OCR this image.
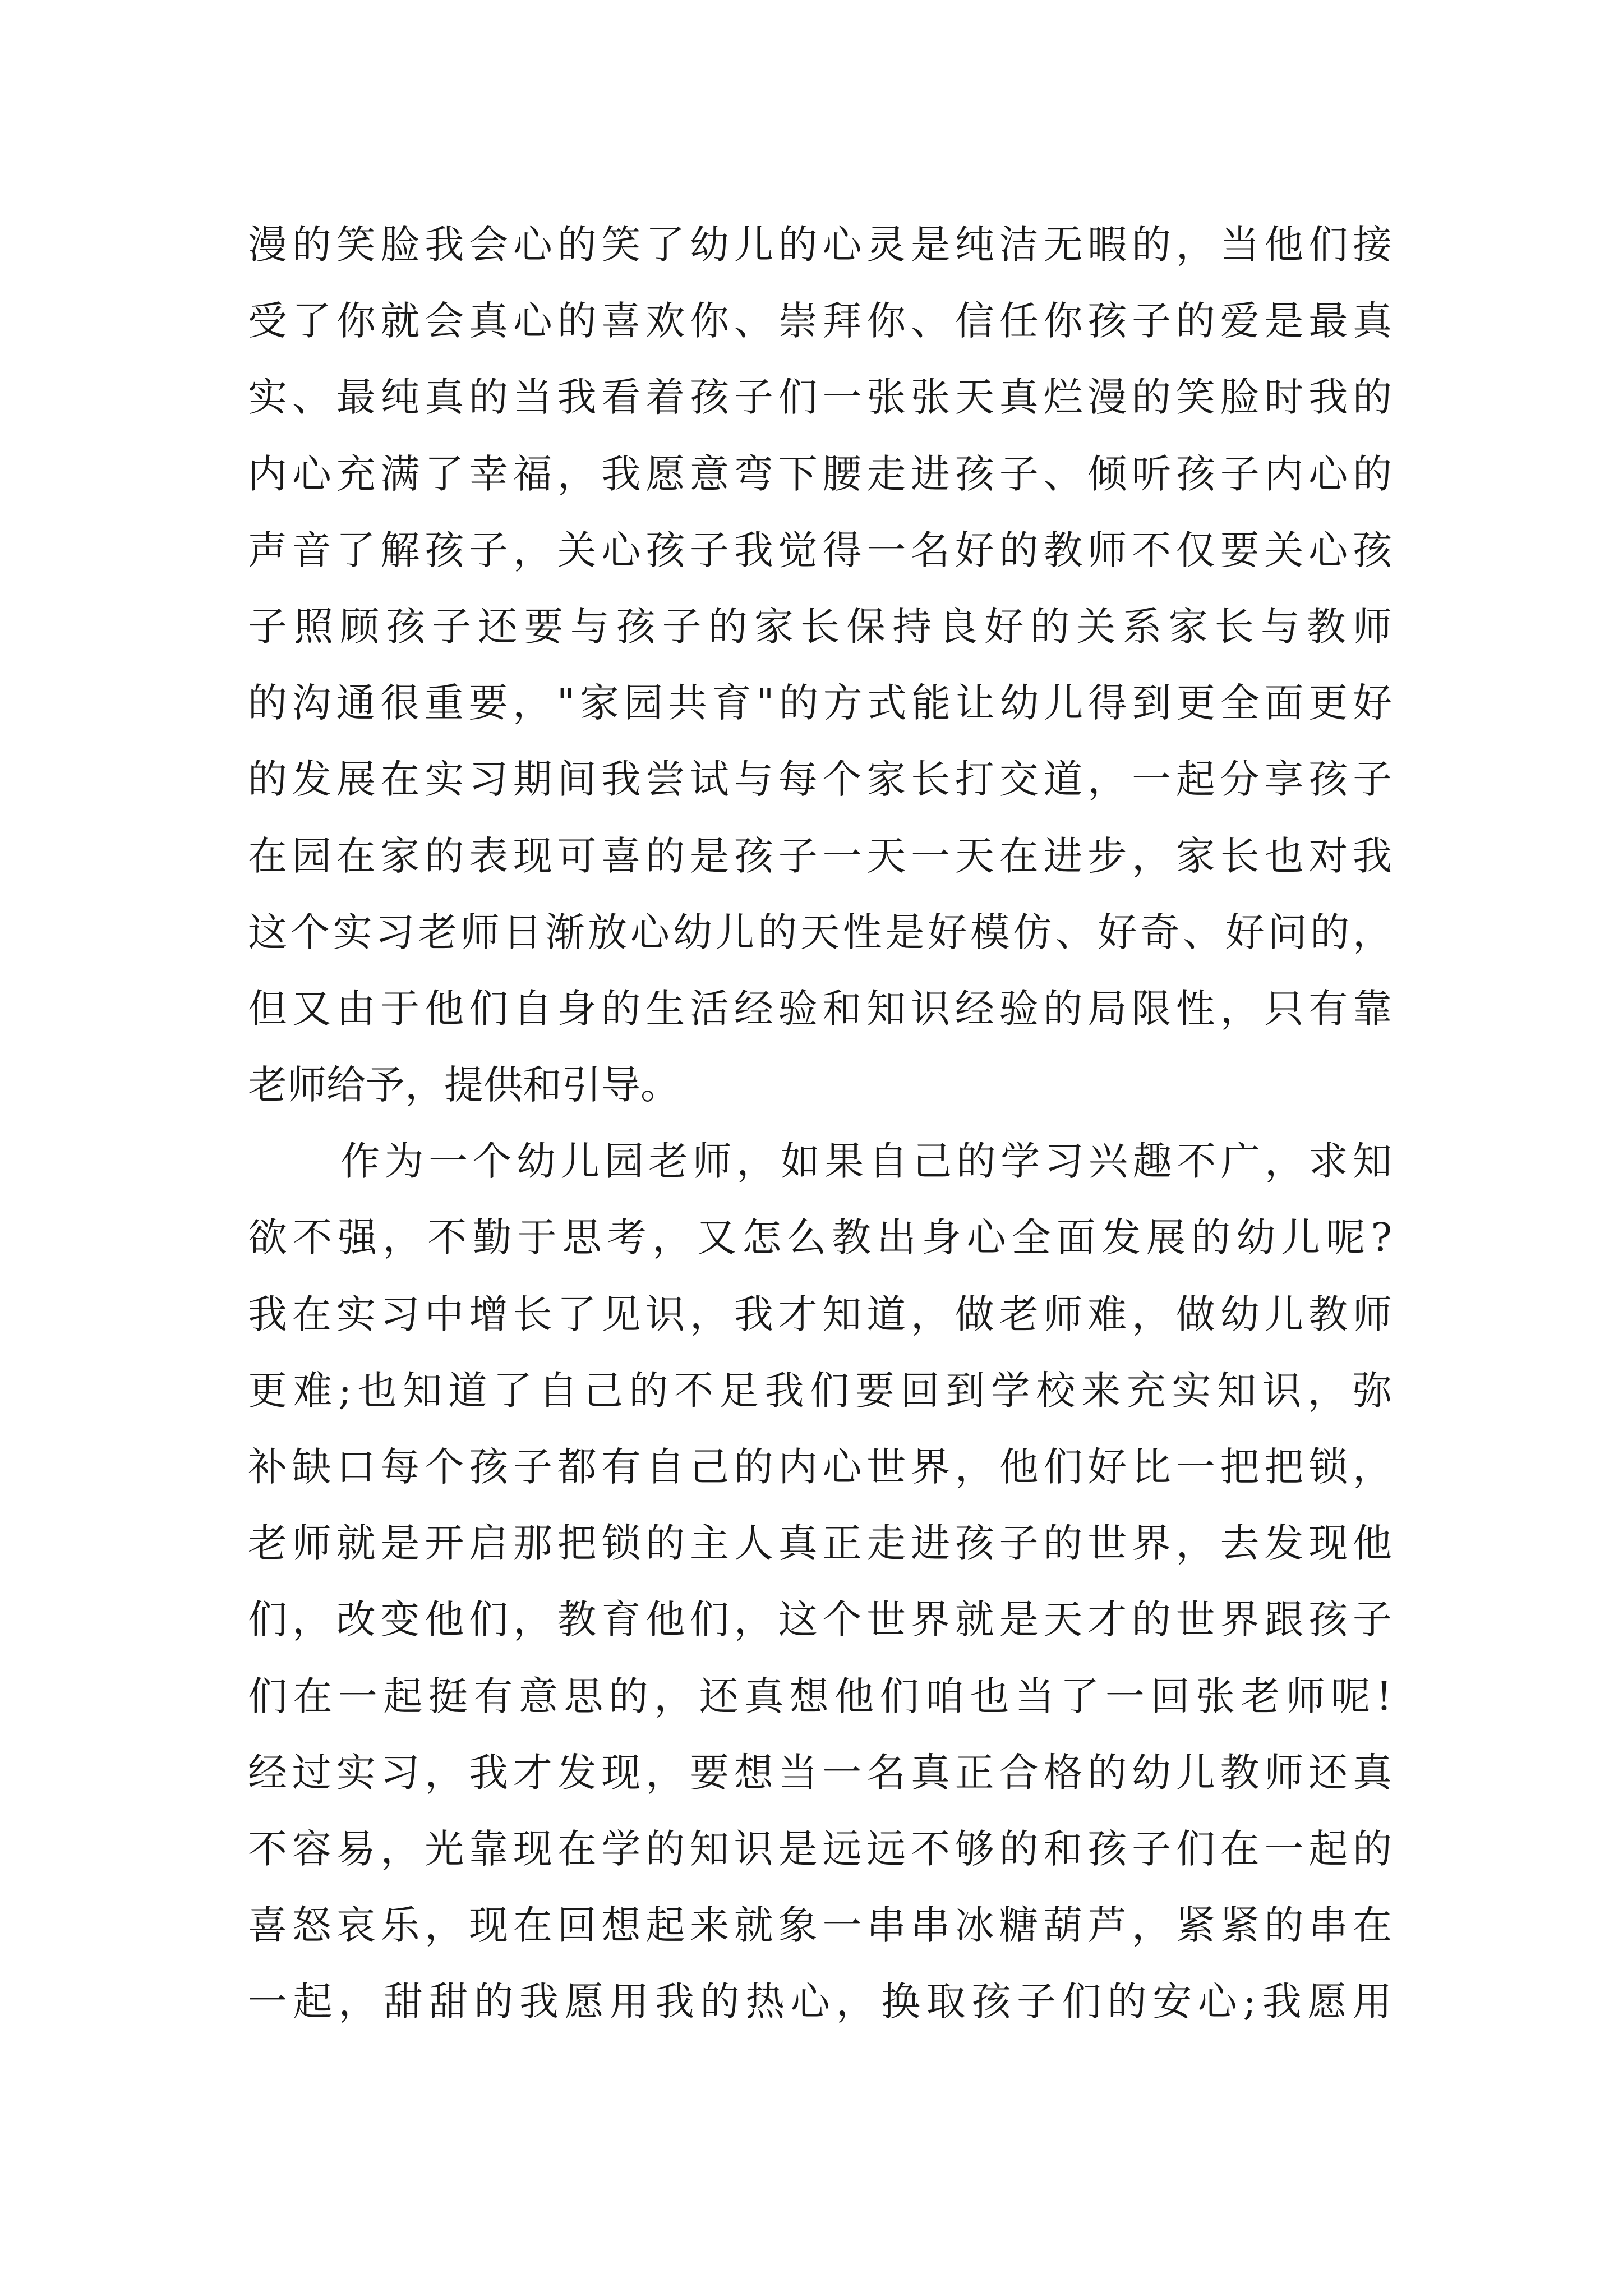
漫的笑脸我会心的笑了幼儿的心灵是纯洁无暇的，当他们接
受了你就会真心的喜欢你、崇拜你、信任你孩子的爱是最真
实、最纯真的当我看着孩子们一张张天真烂漫的笑脸时我的
内心充满了幸福，我愿意弯下腰走进孩子、倾听孩子内心的
声音了解孩子，关心孩子我觉得一名好的教师不仅要关心孩
子照顾孩子还要与孩子的家长保持良好的关系家长与教师
的沟通很重要，"家园共育"的方式能让幼儿得到更全面更好
的发展在实习期间我尝试与每个家长打交道，一起分享孩子
在园在家的表现可喜的是孩子一天一天在进步，家长也对我
这个实习老师日渐放心幼儿的天性是好模仿、好奇、好问的，
但又由于他们自身的生活经验和知识经验的局限性，只有靠
老师给予，提供和引导。
作为一个幼儿园老师，如果自己的学习兴趣不广，求知
欲不强，不勤于思考，又怎么教出身心全面发展的幼儿呢?
我在实习中增长了见识，我才知道，做老师难，做幼儿教师
更难;也知道了自己的不足我们要回到学校来充实知识，弥
补缺口每个孩子都有自己的内心世界，他们好比一把把锁，
老师就是开启那把锁的主人真正走进孩子的世界，去发现他
们，改变他们，教育他们，这个世界就是天才的世界跟孩子
们在一起挺有意思的，还真想他们咱也当了一回张老师呢!
经过实习，我才发现，要想当一名真正合格的幼儿教师还真
不容易，光靠现在学的知识是远远不够的和孩子们在一起的
喜怒哀乐，现在回想起来就象一串串冰糖葫芦，紧紧的串在
一起，甜甜的我愿用我的热心，换取孩子们的安心;我愿用
